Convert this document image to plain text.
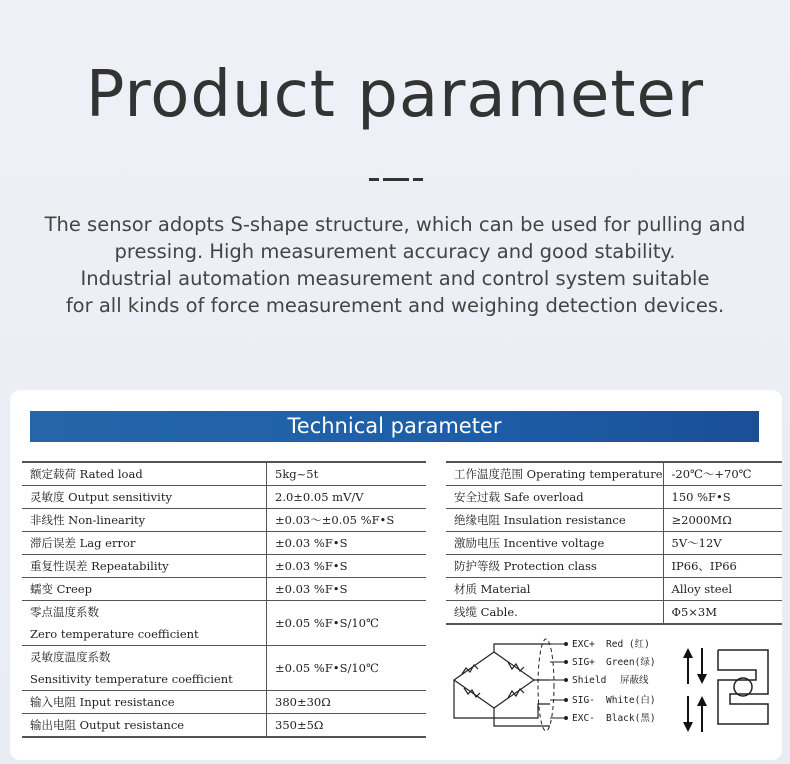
Product parameter
The sensor adopts S-shape structure, which can be used for pulling and
pressing. High measurement accuracy and good stability.
Industrial automation measurement and control system suitable
for all kinds of force measurement and weighing detection devices.
Technical parameter
额定载荷 Rated load	5kg~5t
灵敏度 Output sensitivity	2.0±0.05 mV/V
非线性 Non-linearity	±0.03～±0.05 %F•S
滞后误差 Lag error	±0.03 %F•S
重复性误差 Repeatability	±0.03 %F•S
蠕变 Creep	±0.03 %F•S

零点温度系数
Zero temperature coefficient	±0.05 %F•S/10℃

灵敏度温度系数
Sensitivity temperature coefficient	±0.05 %F•S/10℃
输入电阻 Input resistance	380±30Ω
输出电阻 Output resistance	350±5Ω
工作温度范围 Operating temperature	-20℃～+70℃
安全过载 Safe overload	150 %F•S
绝缘电阻 Insulation resistance	≥2000MΩ
激励电压 Incentive voltage	5V～12V
防护等级 Protection class	IP66、IP66
材质 Material	Alloy steel
线缆 Cable.	Φ5×3M
EXC+ Red (红)
SIG+ Green(绿)
Shield 屏蔽线
SIG- White(白)
EXC- Black(黑)
